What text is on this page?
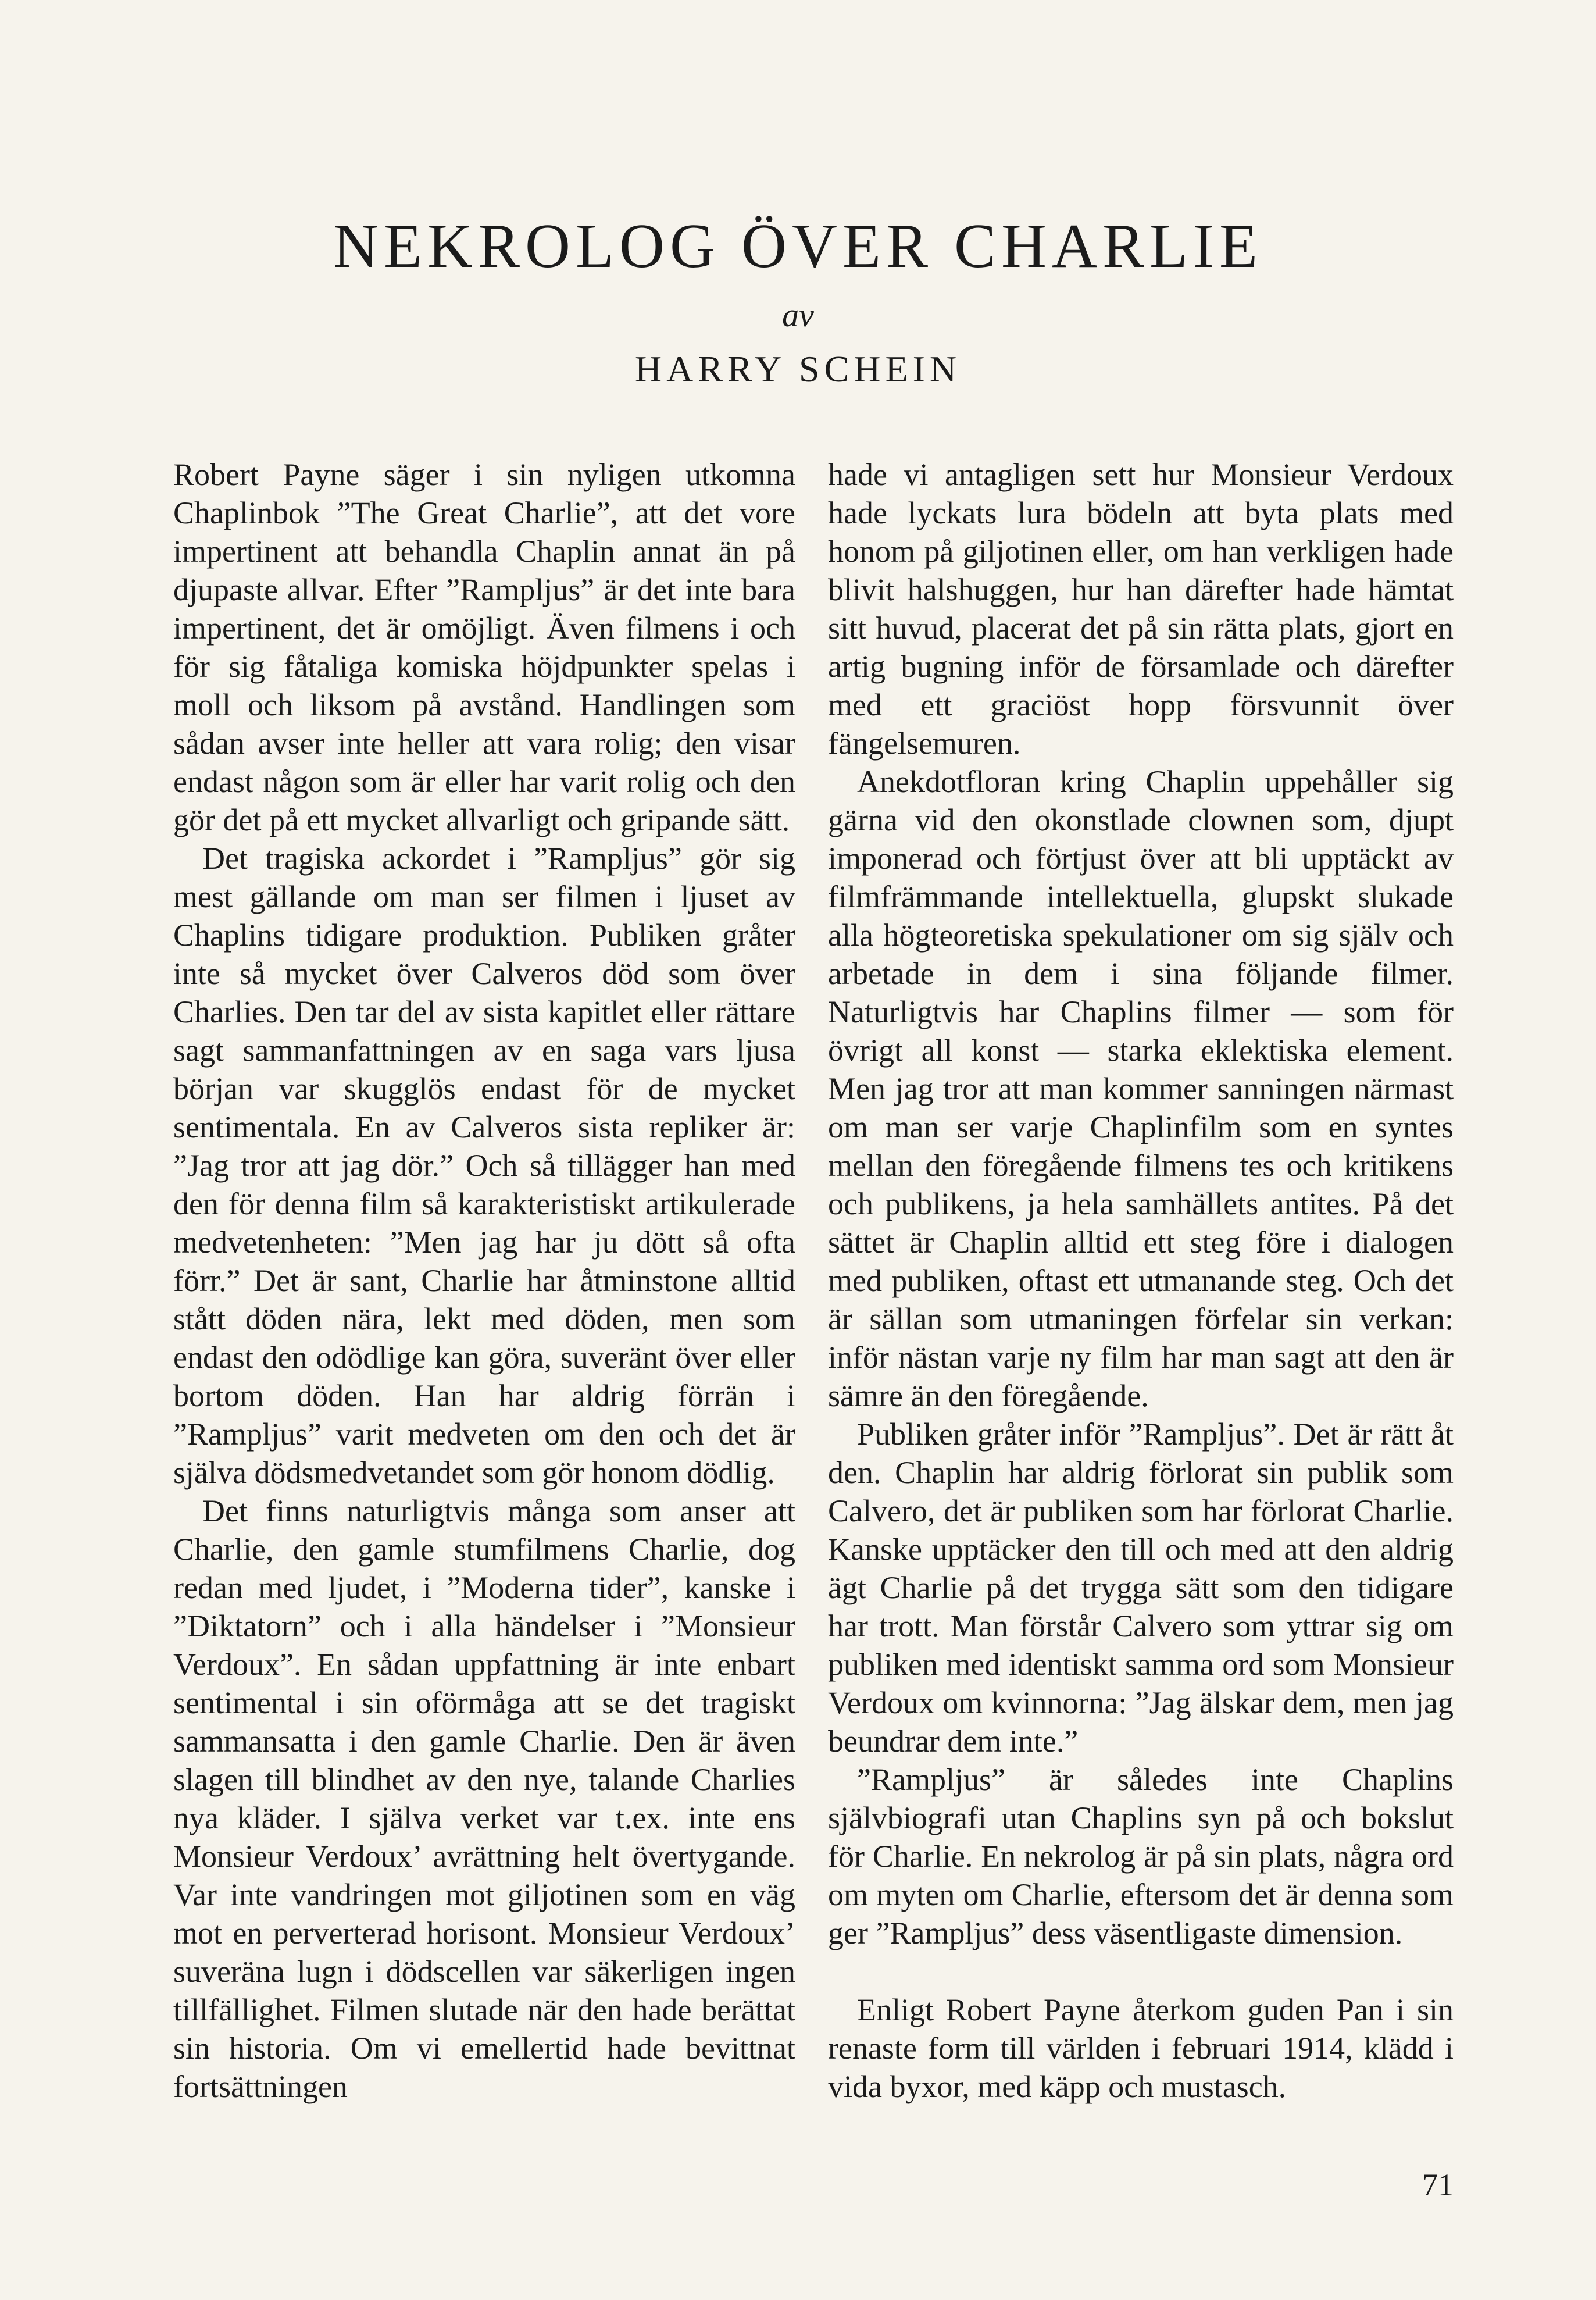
NEKROLOG ÖVER CHARLIE
av
HARRY SCHEIN

Robert Payne säger i sin nyligen utkomna Chaplinbok ”The Great Charlie”, att det vore impertinent att behandla Chaplin annat än på djupaste allvar. Efter ”Rampljus” är det inte bara impertinent, det är omöjligt. Även filmens i och för sig fåtaliga komiska höjdpunkter spelas i moll och liksom på avstånd. Handlingen som sådan avser inte heller att vara rolig; den visar endast någon som är eller har varit rolig och den gör det på ett mycket allvarligt och gripande sätt.

Det tragiska ackordet i ”Rampljus” gör sig mest gällande om man ser filmen i ljuset av Chaplins tidigare produktion. Publiken gråter inte så mycket över Calveros död som över Charlies. Den tar del av sista kapitlet eller rättare sagt sammanfattningen av en saga vars ljusa början var skugglös endast för de mycket sentimentala. En av Calveros sista repliker är: ”Jag tror att jag dör.” Och så tillägger han med den för denna film så karakteristiskt artikulerade medvetenheten: ”Men jag har ju dött så ofta förr.” Det är sant, Charlie har åtminstone alltid stått döden nära, lekt med döden, men som endast den odödlige kan göra, suveränt över eller bortom döden. Han har aldrig förrän i ”Rampljus” varit medveten om den och det är själva dödsmedvetandet som gör honom dödlig.

Det finns naturligtvis många som anser att Charlie, den gamle stumfilmens Charlie, dog redan med ljudet, i ”Moderna tider”, kanske i ”Diktatorn” och i alla händelser i ”Monsieur Verdoux”. En sådan uppfattning är inte enbart sentimental i sin oförmåga att se det tragiskt sammansatta i den gamle Charlie. Den är även slagen till blindhet av den nye, talande Charlies nya kläder. I själva verket var t.ex. inte ens Monsieur Verdoux’ avrättning helt övertygande. Var inte vandringen mot giljotinen som en väg mot en perverterad horisont. Monsieur Verdoux’ suveräna lugn i dödscellen var säkerligen ingen tillfällighet. Filmen slutade när den hade berättat sin historia. Om vi emellertid hade bevittnat fortsättningen

hade vi antagligen sett hur Monsieur Verdoux hade lyckats lura bödeln att byta plats med honom på giljotinen eller, om han verkligen hade blivit halshuggen, hur han därefter hade hämtat sitt huvud, placerat det på sin rätta plats, gjort en artig bugning inför de församlade och därefter med ett graciöst hopp försvunnit över fängelsemuren.

Anekdotfloran kring Chaplin uppehåller sig gärna vid den okonstlade clownen som, djupt imponerad och förtjust över att bli upptäckt av filmfrämmande intellektuella, glupskt slukade alla högteoretiska spekulationer om sig själv och arbetade in dem i sina följande filmer. Naturligtvis har Chaplins filmer — som för övrigt all konst — starka eklektiska element. Men jag tror att man kommer sanningen närmast om man ser varje Chaplinfilm som en syntes mellan den föregående filmens tes och kritikens och publikens, ja hela samhällets antites. På det sättet är Chaplin alltid ett steg före i dialogen med publiken, oftast ett utmanande steg. Och det är sällan som utmaningen förfelar sin verkan: inför nästan varje ny film har man sagt att den är sämre än den föregående.

Publiken gråter inför ”Rampljus”. Det är rätt åt den. Chaplin har aldrig förlorat sin publik som Calvero, det är publiken som har förlorat Charlie. Kanske upptäcker den till och med att den aldrig ägt Charlie på det trygga sätt som den tidigare har trott. Man förstår Calvero som yttrar sig om publiken med identiskt samma ord som Monsieur Verdoux om kvinnorna: ”Jag älskar dem, men jag beundrar dem inte.”

”Rampljus” är således inte Chaplins självbiografi utan Chaplins syn på och bokslut för Charlie. En nekrolog är på sin plats, några ord om myten om Charlie, eftersom det är denna som ger ”Rampljus” dess väsentligaste dimension.

Enligt Robert Payne återkom guden Pan i sin renaste form till världen i februari 1914, klädd i vida byxor, med käpp och mustasch.

71
